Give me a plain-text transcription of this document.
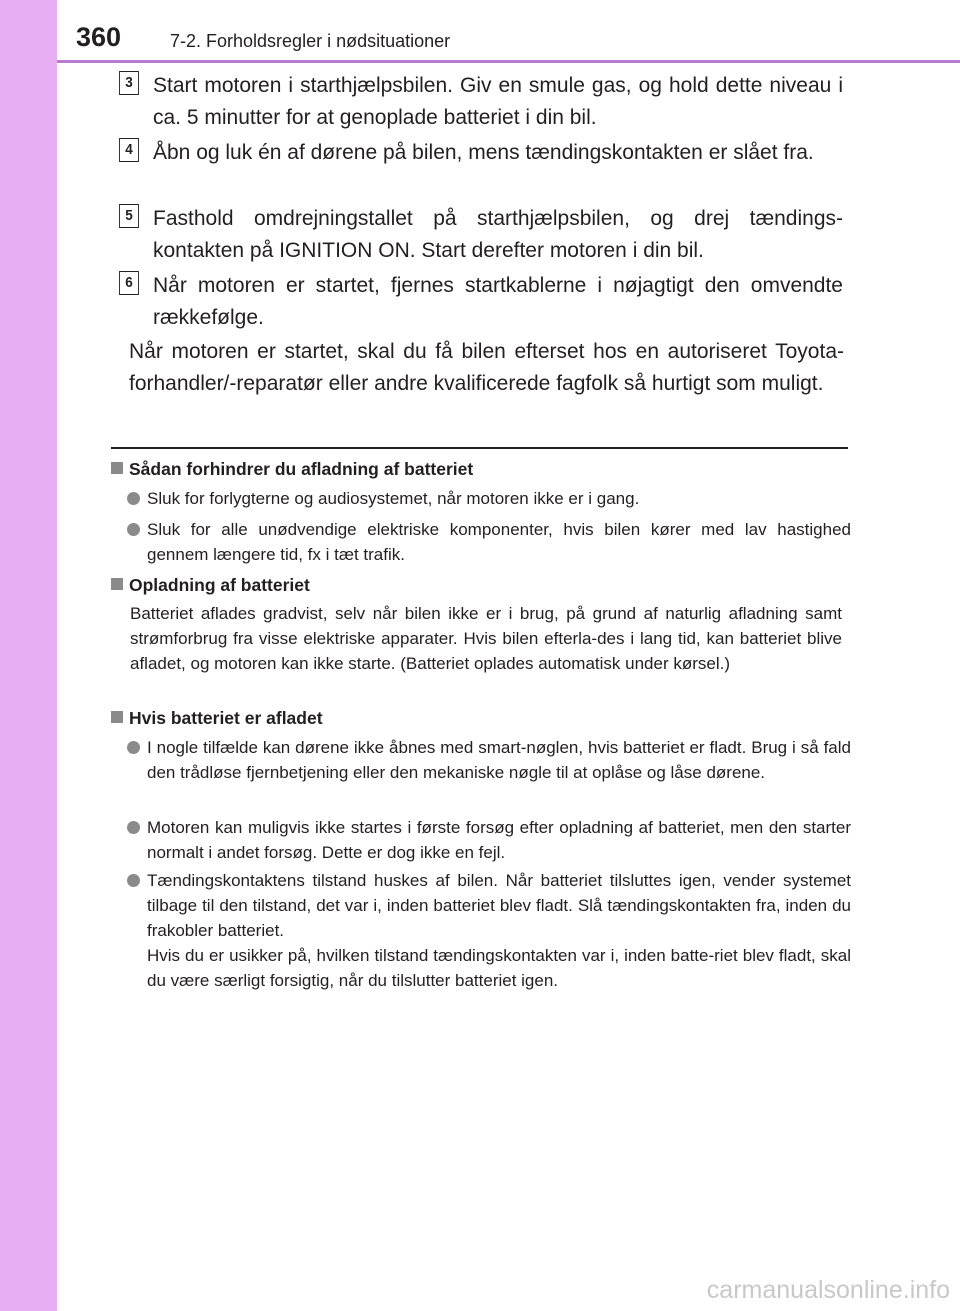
360	7-2. Forholdsregler i nødsituationer
3 Start motoren i starthjælpsbilen. Giv en smule gas, og hold dette niveau i ca. 5 minutter for at genoplade batteriet i din bil.
4 Åbn og luk én af dørene på bilen, mens tændingskontakten er slået fra.
5 Fasthold omdrejningstallet på starthjælpsbilen, og drej tændings-kontakten på IGNITION ON. Start derefter motoren i din bil.
6 Når motoren er startet, fjernes startkablerne i nøjagtigt den omvendte rækkefølge.
Når motoren er startet, skal du få bilen efterset hos en autoriseret Toyota-forhandler/-reparatør eller andre kvalificerede fagfolk så hurtigt som muligt.
Sådan forhindrer du afladning af batteriet
Sluk for forlygterne og audiosystemet, når motoren ikke er i gang.
Sluk for alle unødvendige elektriske komponenter, hvis bilen kører med lav hastighed gennem længere tid, fx i tæt trafik.
Opladning af batteriet
Batteriet aflades gradvist, selv når bilen ikke er i brug, på grund af naturlig afladning samt strømforbrug fra visse elektriske apparater. Hvis bilen efterla-des i lang tid, kan batteriet blive afladet, og motoren kan ikke starte. (Batteriet oplades automatisk under kørsel.)
Hvis batteriet er afladet
I nogle tilfælde kan dørene ikke åbnes med smart-nøglen, hvis batteriet er fladt. Brug i så fald den trådløse fjernbetjening eller den mekaniske nøgle til at oplåse og låse dørene.
Motoren kan muligvis ikke startes i første forsøg efter opladning af batteriet, men den starter normalt i andet forsøg. Dette er dog ikke en fejl.
Tændingskontaktens tilstand huskes af bilen. Når batteriet tilsluttes igen, vender systemet tilbage til den tilstand, det var i, inden batteriet blev fladt. Slå tændingskontakten fra, inden du frakobler batteriet.
Hvis du er usikker på, hvilken tilstand tændingskontakten var i, inden batte-riet blev fladt, skal du være særligt forsigtig, når du tilslutter batteriet igen.
carmanualsonline.info
